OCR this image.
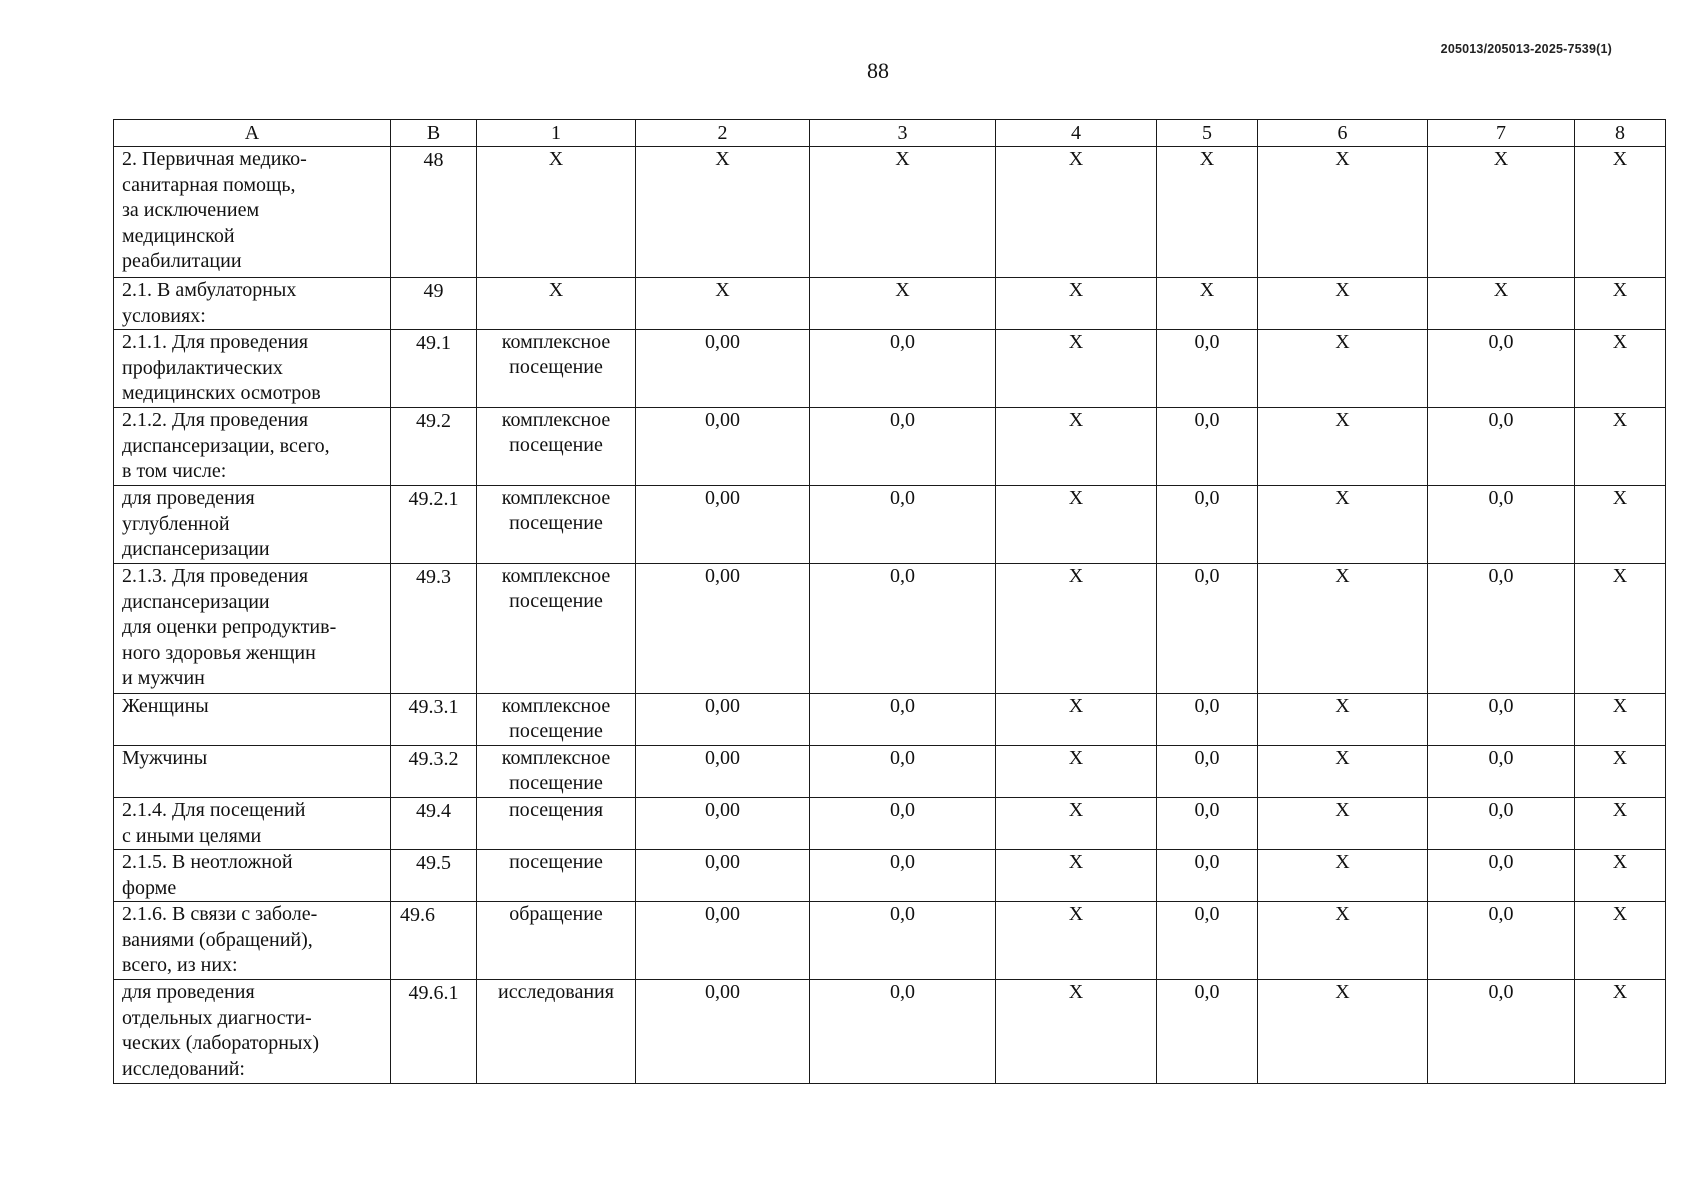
205013/205013-2025-7539(1)
88
A	B	1	2	3	4	5	6	7	8

2. Первичная медико-
санитарная помощь,
за исключением
медицинской
реабилитации	48	Х	Х	Х	Х	Х	Х	Х	Х

2.1. В амбулаторных
условиях:	49	Х	Х	Х	Х	Х	Х	Х	Х

2.1.1. Для проведения
профилактических
медицинских осмотров	49.1	комплексное
посещение	0,00	0,0	Х	0,0	Х	0,0	Х

2.1.2. Для проведения
диспансеризации, всего,
в том числе:	49.2	комплексное
посещение	0,00	0,0	Х	0,0	Х	0,0	Х

для проведения
углубленной
диспансеризации	49.2.1	комплексное
посещение	0,00	0,0	Х	0,0	Х	0,0	Х

2.1.3. Для проведения
диспансеризации
для оценки репродуктив-
ного здоровья женщин
и мужчин	49.3	комплексное
посещение	0,00	0,0	Х	0,0	Х	0,0	Х

Женщины	49.3.1	комплексное
посещение	0,00	0,0	Х	0,0	Х	0,0	Х

Мужчины	49.3.2	комплексное
посещение	0,00	0,0	Х	0,0	Х	0,0	Х

2.1.4. Для посещений
с иными целями	49.4	посещения	0,00	0,0	Х	0,0	Х	0,0	Х

2.1.5. В неотложной
форме	49.5	посещение	0,00	0,0	Х	0,0	Х	0,0	Х

2.1.6. В связи с заболе-
ваниями (обращений),
всего, из них:	49.6	обращение	0,00	0,0	Х	0,0	Х	0,0	Х

для проведения
отдельных диагности-
ческих (лабораторных)
исследований:	49.6.1	исследования	0,00	0,0	Х	0,0	Х	0,0	Х
